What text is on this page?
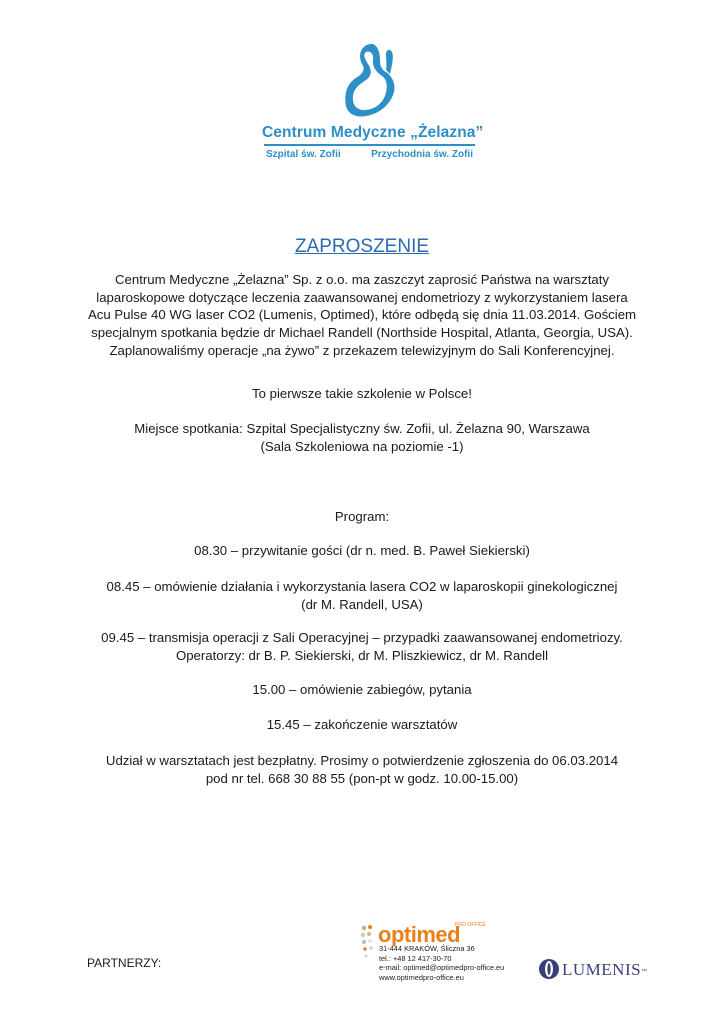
Centrum Medyczne „Żelazna”
Szpital św. Zofii	Przychodnia św. Zofii
ZAPROSZENIE
Centrum Medyczne „Żelazna” Sp. z o.o. ma zaszczyt zaprosić Państwa na warsztaty
laparoskopowe dotyczące leczenia zaawansowanej endometriozy z wykorzystaniem lasera
Acu Pulse 40 WG laser CO2 (Lumenis, Optimed), które odbędą się dnia 11.03.2014. Gościem
specjalnym spotkania będzie dr Michael Randell (Northside Hospital, Atlanta, Georgia, USA).
Zaplanowaliśmy operacje „na żywo” z przekazem telewizyjnym do Sali Konferencyjnej.
To pierwsze takie szkolenie w Polsce!
Miejsce spotkania: Szpital Specjalistyczny św. Zofii, ul. Żelazna 90, Warszawa
(Sala Szkoleniowa na poziomie -1)
Program:
08.30 – przywitanie gości (dr n. med. B. Paweł Siekierski)
08.45 – omówienie działania i wykorzystania lasera CO2 w laparoskopii ginekologicznej
(dr M. Randell, USA)
09.45 – transmisja operacji z Sali Operacyjnej – przypadki zaawansowanej endometriozy.
Operatorzy: dr B. P. Siekierski, dr M. Pliszkiewicz, dr M. Randell
15.00 – omówienie zabiegów, pytania
15.45 – zakończenie warsztatów
Udział w warsztatach jest bezpłatny. Prosimy o potwierdzenie zgłoszenia do 06.03.2014
pod nr tel. 668 30 88 55 (pon-pt w godz. 10.00-15.00)
PARTNERZY:
optimed
PRO-OFFICE
31-444 KRAKÓW, Śliczna 36
tel.: +48 12 417-30-70
e-mail: optimed@optimedpro-office.eu
www.optimedpro-office.eu	LUMENIS ™
